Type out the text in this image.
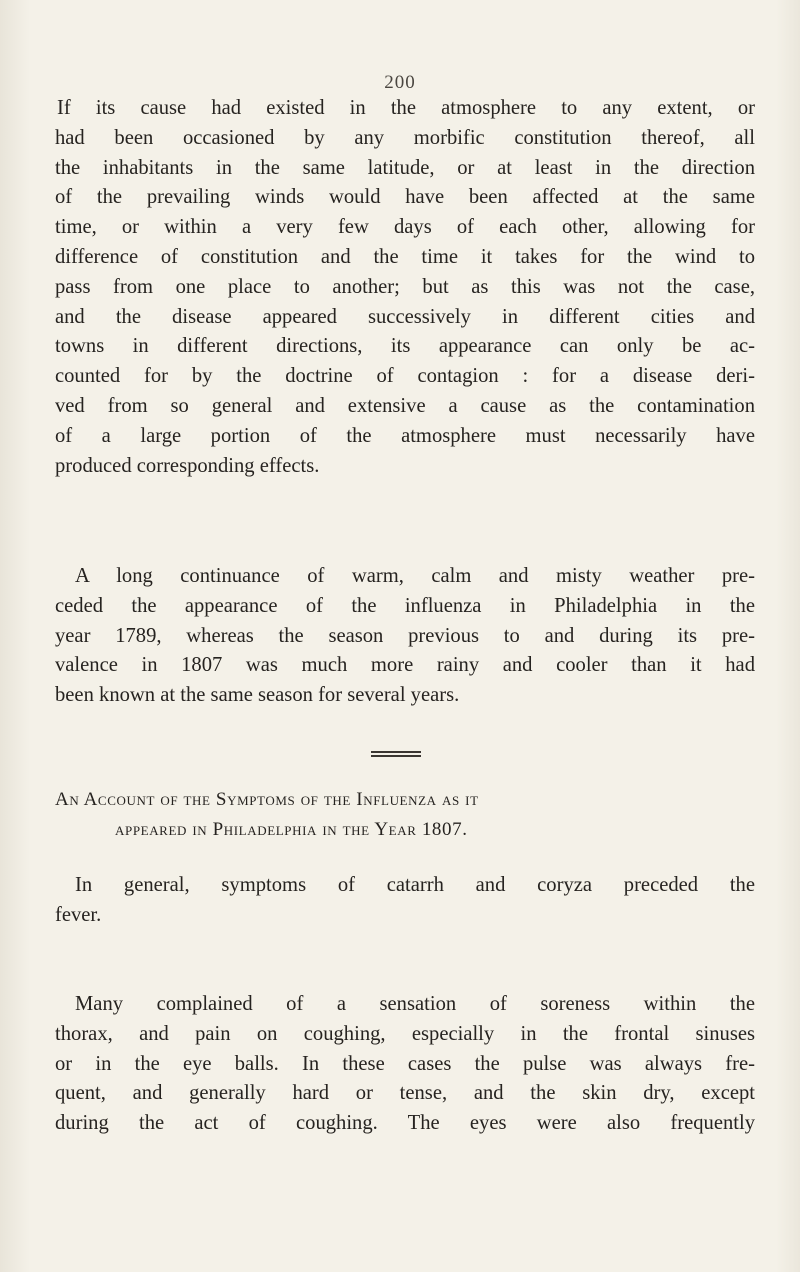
200
If its cause had existed in the atmosphere to any extent, or
had been occasioned by any morbific constitution thereof, all
the inhabitants in the same latitude, or at least in the direction
of the prevailing winds would have been affected at the same
time, or within a very few days of each other, allowing for
difference of constitution and the time it takes for the wind to
pass from one place to another; but as this was not the case,
and the disease appeared successively in different cities and
towns in different directions, its appearance can only be ac-
counted for by the doctrine of contagion : for a disease deri-
ved from so general and extensive a cause as the contamination
of a large portion of the atmosphere must necessarily have
produced corresponding effects.
A long continuance of warm, calm and misty weather pre-
ceded the appearance of the influenza in Philadelphia in the
year 1789, whereas the season previous to and during its pre-
valence in 1807 was much more rainy and cooler than it had
been known at the same season for several years.
An Account of the Symptoms of the Influenza as it
appeared in Philadelphia in the Year 1807.
In general, symptoms of catarrh and coryza preceded the
fever.
Many complained of a sensation of soreness within the
thorax, and pain on coughing, especially in the frontal sinuses
or in the eye balls. In these cases the pulse was always fre-
quent, and generally hard or tense, and the skin dry, except
during the act of coughing. The eyes were also frequently
